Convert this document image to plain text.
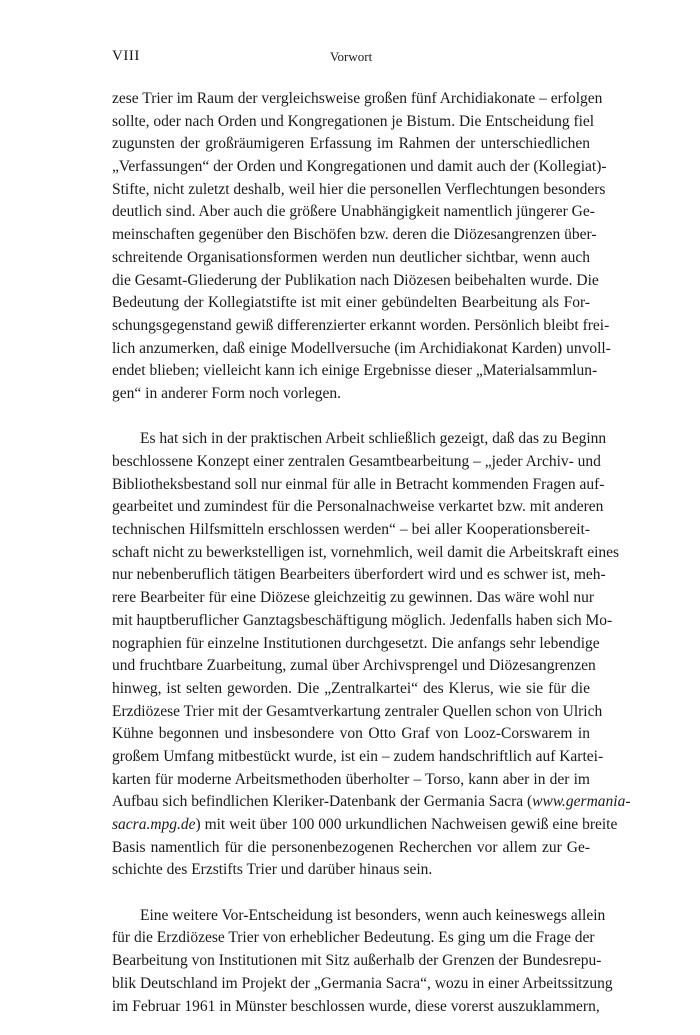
VIII	Vorwort
zese Trier im Raum der vergleichsweise großen fünf Archidiakonate – erfolgen
sollte, oder nach Orden und Kongregationen je Bistum. Die Entscheidung fiel
zugunsten der großräumigeren Erfassung im Rahmen der unterschiedlichen
„Verfassungen“ der Orden und Kongregationen und damit auch der (Kollegiat)-
Stifte, nicht zuletzt deshalb, weil hier die personellen Verflechtungen besonders
deutlich sind. Aber auch die größere Unabhängigkeit namentlich jüngerer Ge-
meinschaften gegenüber den Bischöfen bzw. deren die Diözesangrenzen über-
schreitende Organisationsformen werden nun deutlicher sichtbar, wenn auch
die Gesamt-Gliederung der Publikation nach Diözesen beibehalten wurde. Die
Bedeutung der Kollegiatstifte ist mit einer gebündelten Bearbeitung als For-
schungsgegenstand gewiß differenzierter erkannt worden. Persönlich bleibt frei-
lich anzumerken, daß einige Modellversuche (im Archidiakonat Karden) unvoll-
endet blieben; vielleicht kann ich einige Ergebnisse dieser „Materialsammlun-
gen“ in anderer Form noch vorlegen.
Es hat sich in der praktischen Arbeit schließlich gezeigt, daß das zu Beginn
beschlossene Konzept einer zentralen Gesamtbearbeitung – „jeder Archiv- und
Bibliotheksbestand soll nur einmal für alle in Betracht kommenden Fragen auf-
gearbeitet und zumindest für die Personalnachweise verkartet bzw. mit anderen
technischen Hilfsmitteln erschlossen werden“ – bei aller Kooperationsbereit-
schaft nicht zu bewerkstelligen ist, vornehmlich, weil damit die Arbeitskraft eines
nur nebenberuflich tätigen Bearbeiters überfordert wird und es schwer ist, meh-
rere Bearbeiter für eine Diözese gleichzeitig zu gewinnen. Das wäre wohl nur
mit hauptberuflicher Ganztagsbeschäftigung möglich. Jedenfalls haben sich Mo-
nographien für einzelne Institutionen durchgesetzt. Die anfangs sehr lebendige
und fruchtbare Zuarbeitung, zumal über Archivsprengel und Diözesangrenzen
hinweg, ist selten geworden. Die „Zentralkartei“ des Klerus, wie sie für die
Erzdiözese Trier mit der Gesamtverkartung zentraler Quellen schon von Ulrich
Kühne begonnen und insbesondere von Otto Graf von Looz-Corswarem in
großem Umfang mitbestückt wurde, ist ein – zudem handschriftlich auf Kartei-
karten für moderne Arbeitsmethoden überholter – Torso, kann aber in der im
Aufbau sich befindlichen Kleriker-Datenbank der Germania Sacra (www.germania-
sacra.mpg.de) mit weit über 100 000 urkundlichen Nachweisen gewiß eine breite
Basis namentlich für die personenbezogenen Recherchen vor allem zur Ge-
schichte des Erzstifts Trier und darüber hinaus sein.
Eine weitere Vor-Entscheidung ist besonders, wenn auch keineswegs allein
für die Erzdiözese Trier von erheblicher Bedeutung. Es ging um die Frage der
Bearbeitung von Institutionen mit Sitz außerhalb der Grenzen der Bundesrepu-
blik Deutschland im Projekt der „Germania Sacra“, wozu in einer Arbeitssitzung
im Februar 1961 in Münster beschlossen wurde, diese vorerst auszuklammern,
